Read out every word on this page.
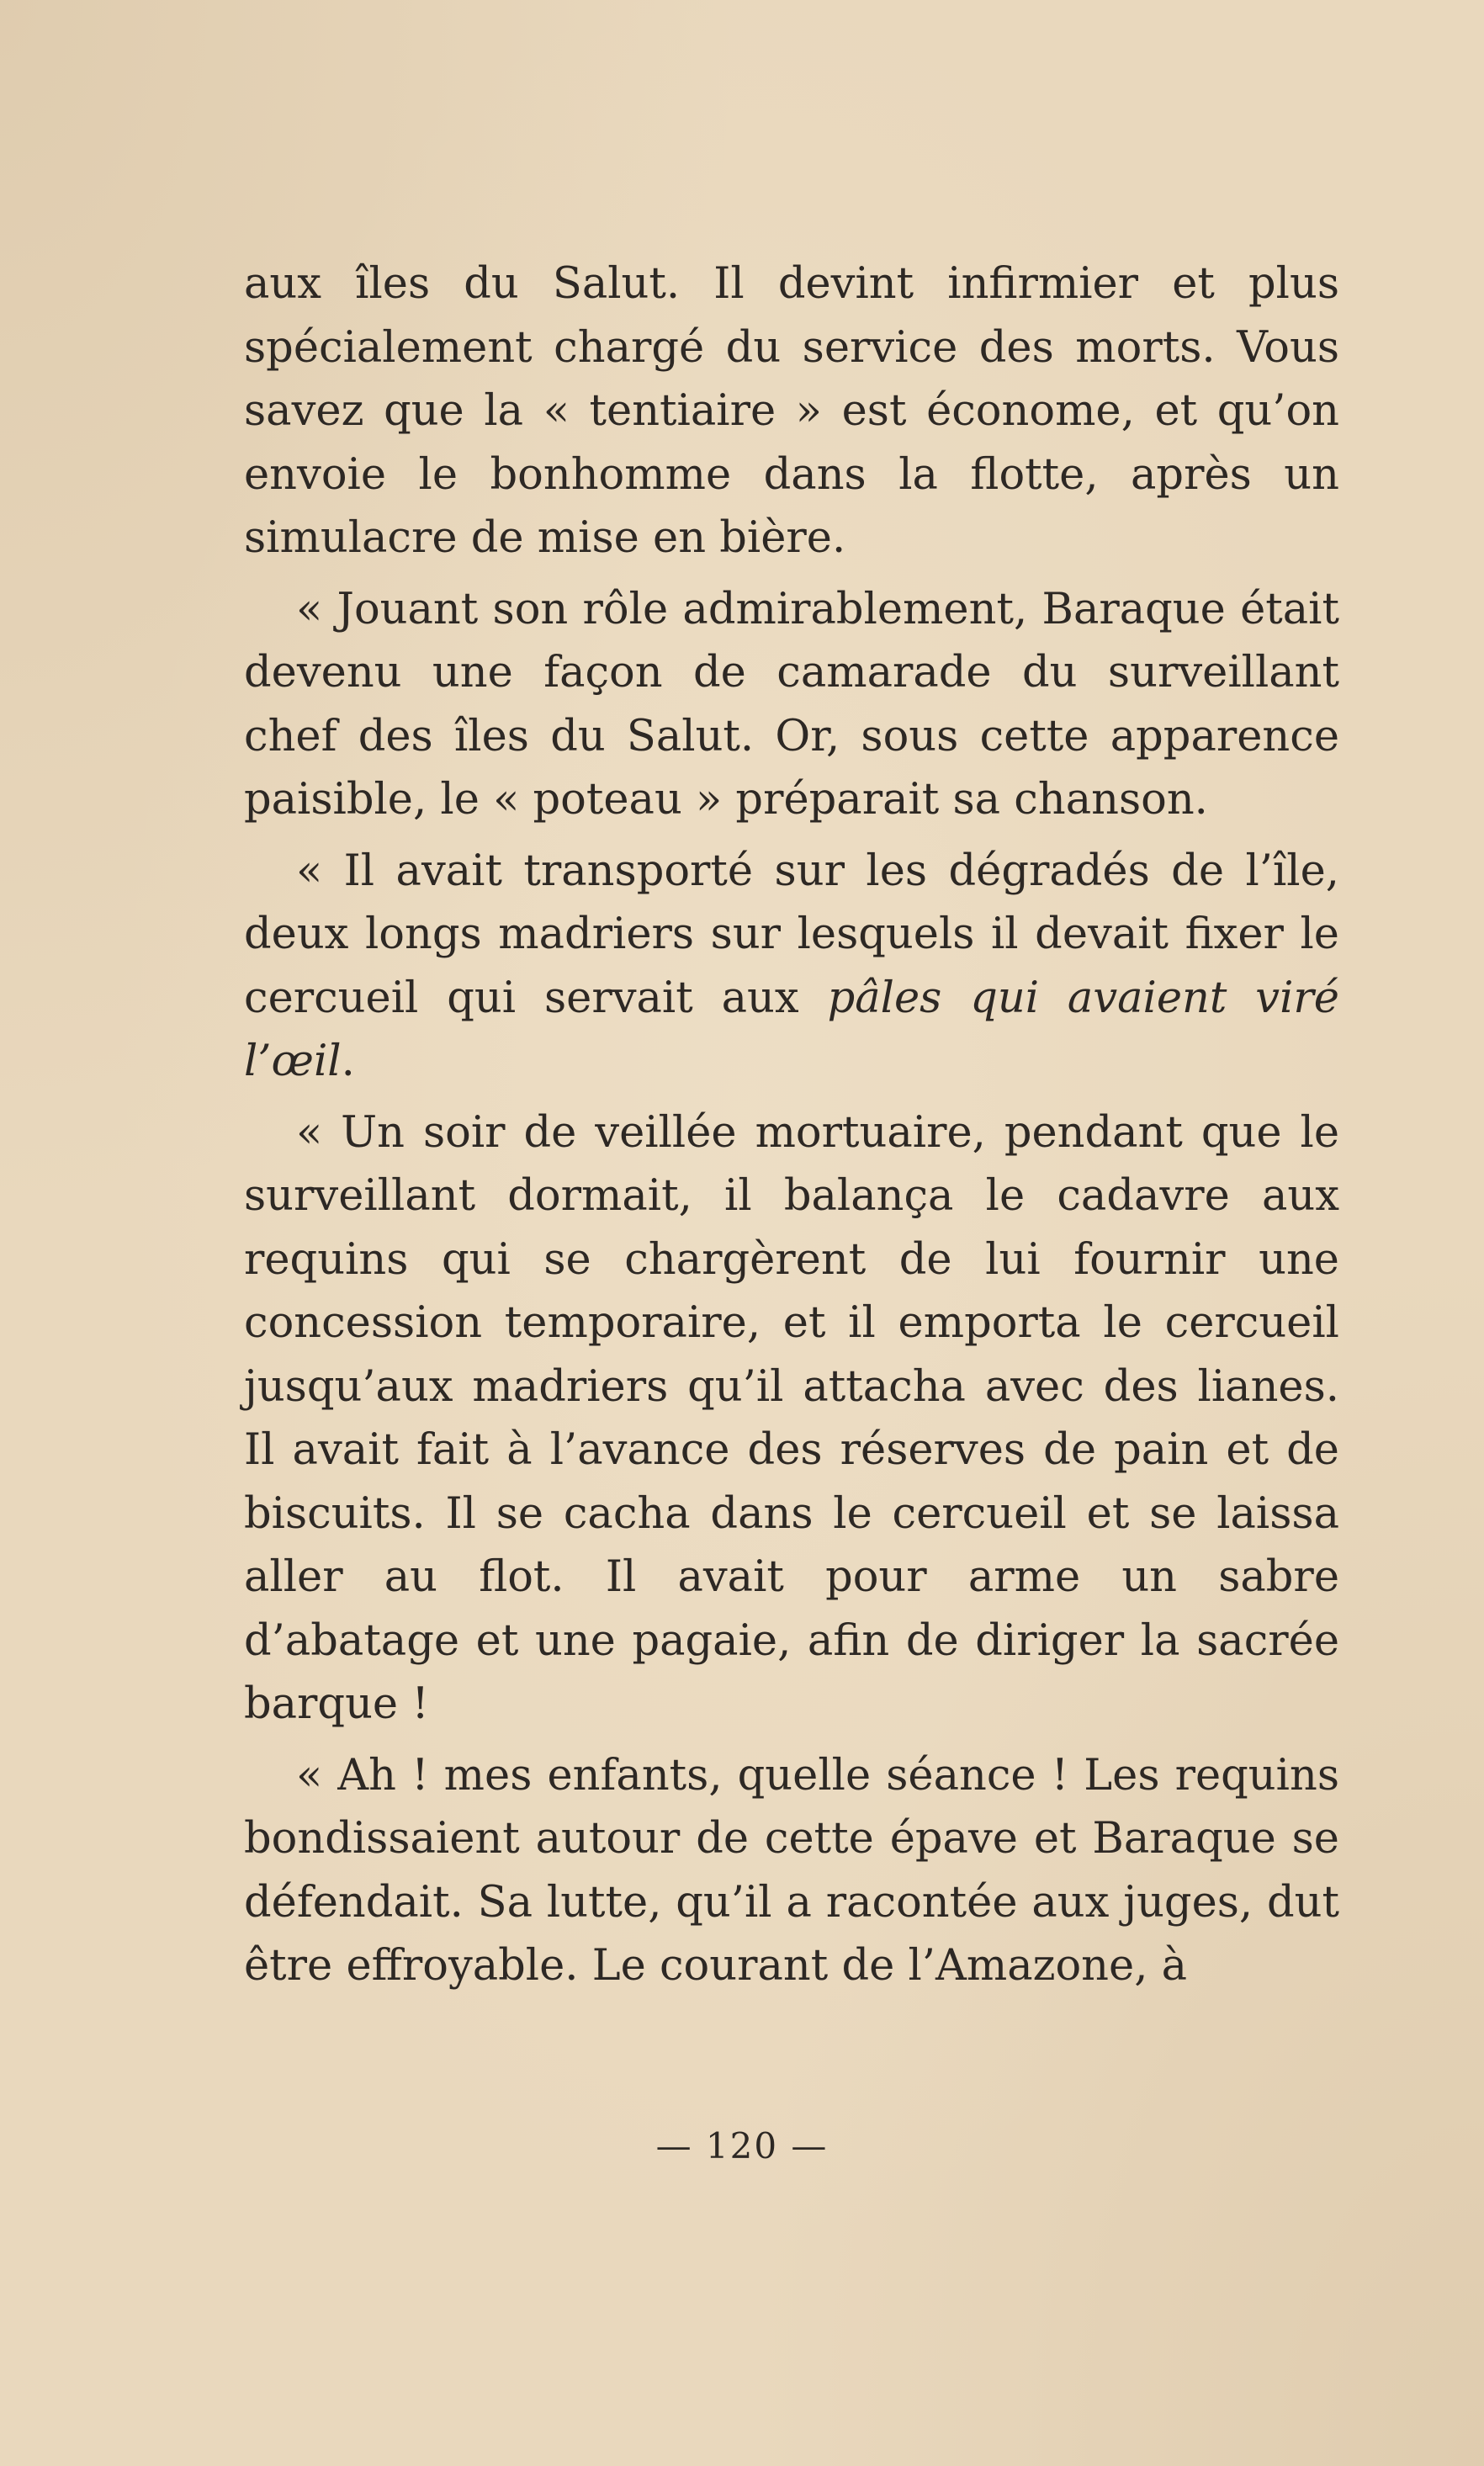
aux îles du Salut. Il devint infirmier et plus spécialement chargé du service des morts. Vous savez que la « tentiaire » est économe, et qu’on envoie le bonhomme dans la flotte, après un simulacre de mise en bière.

« Jouant son rôle admirablement, Baraque était devenu une façon de camarade du surveillant chef des îles du Salut. Or, sous cette apparence paisible, le « poteau » préparait sa chanson.

« Il avait transporté sur les dégradés de l’île, deux longs madriers sur lesquels il devait fixer le cercueil qui servait aux pâles qui avaient viré l’œil.

« Un soir de veillée mortuaire, pendant que le surveillant dormait, il balança le cadavre aux requins qui se chargèrent de lui fournir une concession temporaire, et il emporta le cercueil jusqu’aux madriers qu’il attacha avec des lianes. Il avait fait à l’avance des réserves de pain et de biscuits. Il se cacha dans le cercueil et se laissa aller au flot. Il avait pour arme un sabre d’abatage et une pagaie, afin de diriger la sacrée barque !

« Ah ! mes enfants, quelle séance ! Les requins bondissaient autour de cette épave et Baraque se défendait. Sa lutte, qu’il a racontée aux juges, dut être effroyable. Le courant de l’Amazone, à

— 120 —
